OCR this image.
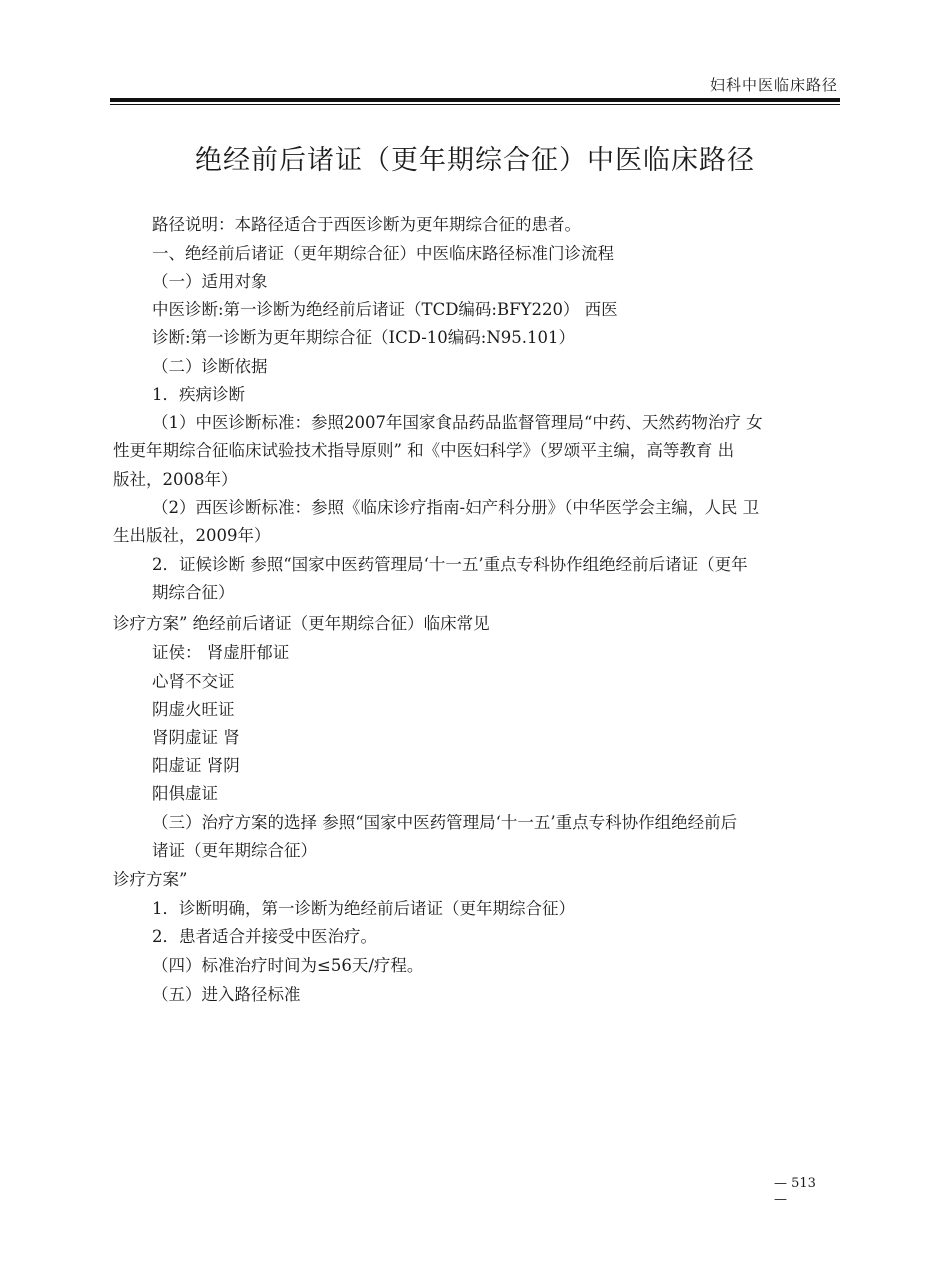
妇科中医临床路径
绝经前后诸证（更年期综合征）中医临床路径
路径说明：本路径适合于西医诊断为更年期综合征的患者。
一、绝经前后诸证（更年期综合征）中医临床路径标准门诊流程
（一）适用对象
中医诊断:第一诊断为绝经前后诸证（TCD编码:BFY220） 西医
诊断:第一诊断为更年期综合征（ICD-10编码:N95.101）
（二）诊断依据
1．疾病诊断
（1）中医诊断标准：参照2007年国家食品药品监督管理局“中药、天然药物治疗 女
性更年期综合征临床试验技术指导原则” 和《中医妇科学》（罗颂平主编，高等教育 出
版社，2008年）
（2）西医诊断标准：参照《临床诊疗指南-妇产科分册》（中华医学会主编，人民 卫
生出版社，2009年）
2．证候诊断 参照“国家中医药管理局‘十一五’重点专科协作组绝经前后诸证（更年
期综合征）
诊疗方案” 绝经前后诸证（更年期综合征）临床常见
证侯： 肾虚肝郁证
心肾不交证
阴虚火旺证
肾阴虚证 肾
阳虚证 肾阴
阳俱虚证
（三）治疗方案的选择 参照“国家中医药管理局‘十一五’重点专科协作组绝经前后
诸证（更年期综合征）
诊疗方案”
1．诊断明确，第一诊断为绝经前后诸证（更年期综合征）
2．患者适合并接受中医治疗。
（四）标准治疗时间为≤56天/疗程。
（五）进入路径标准
— 513
—
